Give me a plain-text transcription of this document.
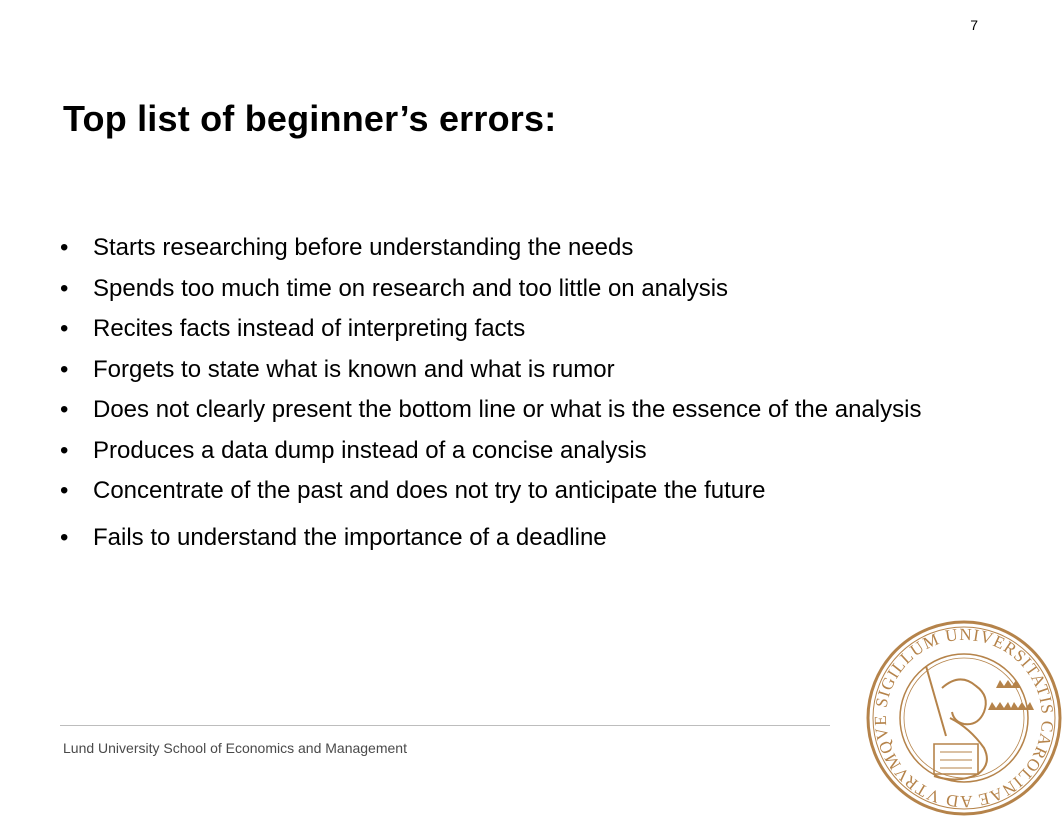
7
Top list of beginner’s errors:
•	Starts researching before understanding the needs
•	Spends too much time on research and too little on analysis
•	Recites facts instead of interpreting facts
•	Forgets to state what is known and what is rumor
•	Does not clearly present the bottom line or what is the essence of the analysis
•	Produces a data dump instead of a concise analysis
•	Concentrate of the past and does not try to anticipate the future
•	Fails to understand the importance of a deadline
Lund University School of Economics and Management
SIGILLUM UNIVERSITATIS CAROLINAE AD VTRVMQVE
